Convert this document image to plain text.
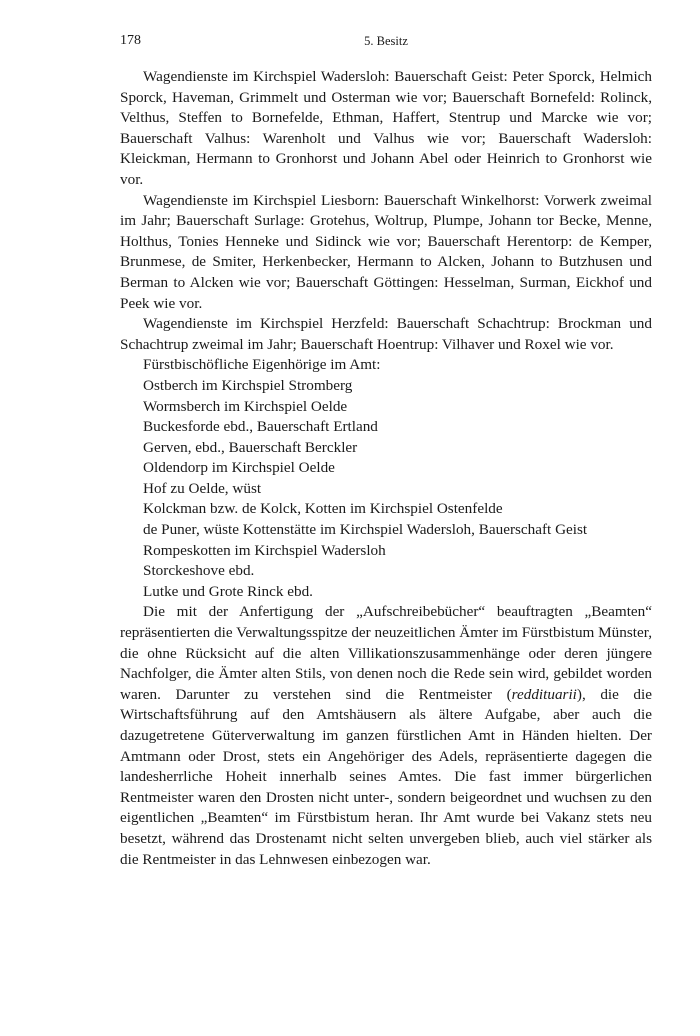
178	5. Besitz

Wagendienste im Kirchspiel Wadersloh: Bauerschaft Geist: Peter Sporck, Helmich Sporck, Haveman, Grimmelt und Osterman wie vor; Bauerschaft Bornefeld: Rolinck, Velthus, Steffen to Bornefelde, Ethman, Haffert, Stentrup und Marcke wie vor; Bauerschaft Valhus: Warenholt und Valhus wie vor; Bauerschaft Wadersloh: Kleickman, Hermann to Gronhorst und Johann Abel oder Heinrich to Gronhorst wie vor.

Wagendienste im Kirchspiel Liesborn: Bauerschaft Winkelhorst: Vorwerk zweimal im Jahr; Bauerschaft Surlage: Grotehus, Woltrup, Plumpe, Johann tor Becke, Menne, Holthus, Tonies Henneke und Sidinck wie vor; Bauerschaft Herentorp: de Kemper, Brunmese, de Smiter, Herkenbecker, Hermann to Alcken, Johann to Butzhusen und Berman to Alcken wie vor; Bauerschaft Göttingen: Hesselman, Surman, Eickhof und Peek wie vor.

Wagendienste im Kirchspiel Herzfeld: Bauerschaft Schachtrup: Brockman und Schachtrup zweimal im Jahr; Bauerschaft Hoentrup: Vilhaver und Roxel wie vor.

Fürstbischöfliche Eigenhörige im Amt:
Ostberch im Kirchspiel Stromberg
Wormsberch im Kirchspiel Oelde
Buckesforde ebd., Bauerschaft Ertland
Gerven, ebd., Bauerschaft Berckler
Oldendorp im Kirchspiel Oelde
Hof zu Oelde, wüst
Kolckman bzw. de Kolck, Kotten im Kirchspiel Ostenfelde
de Puner, wüste Kottenstätte im Kirchspiel Wadersloh, Bauerschaft Geist
Rompeskotten im Kirchspiel Wadersloh
Storckeshove ebd.
Lutke und Grote Rinck ebd.

Die mit der Anfertigung der „Aufschreibebücher“ beauftragten „Beamten“ repräsentierten die Verwaltungsspitze der neuzeitlichen Ämter im Fürstbistum Münster, die ohne Rücksicht auf die alten Villikationszusammenhänge oder deren jüngere Nachfolger, die Ämter alten Stils, von denen noch die Rede sein wird, gebildet worden waren. Darunter zu verstehen sind die Rentmeister (reddituarii), die die Wirtschaftsführung auf den Amtshäusern als ältere Aufgabe, aber auch die dazugetretene Güterverwaltung im ganzen fürstlichen Amt in Händen hielten. Der Amtmann oder Drost, stets ein Angehöriger des Adels, repräsentierte dagegen die landesherrliche Hoheit innerhalb seines Amtes. Die fast immer bürgerlichen Rentmeister waren den Drosten nicht unter-, sondern beigeordnet und wuchsen zu den eigentlichen „Beamten“ im Fürstbistum heran. Ihr Amt wurde bei Vakanz stets neu besetzt, während das Drostenamt nicht selten unvergeben blieb, auch viel stärker als die Rentmeister in das Lehnwesen einbezogen war.
